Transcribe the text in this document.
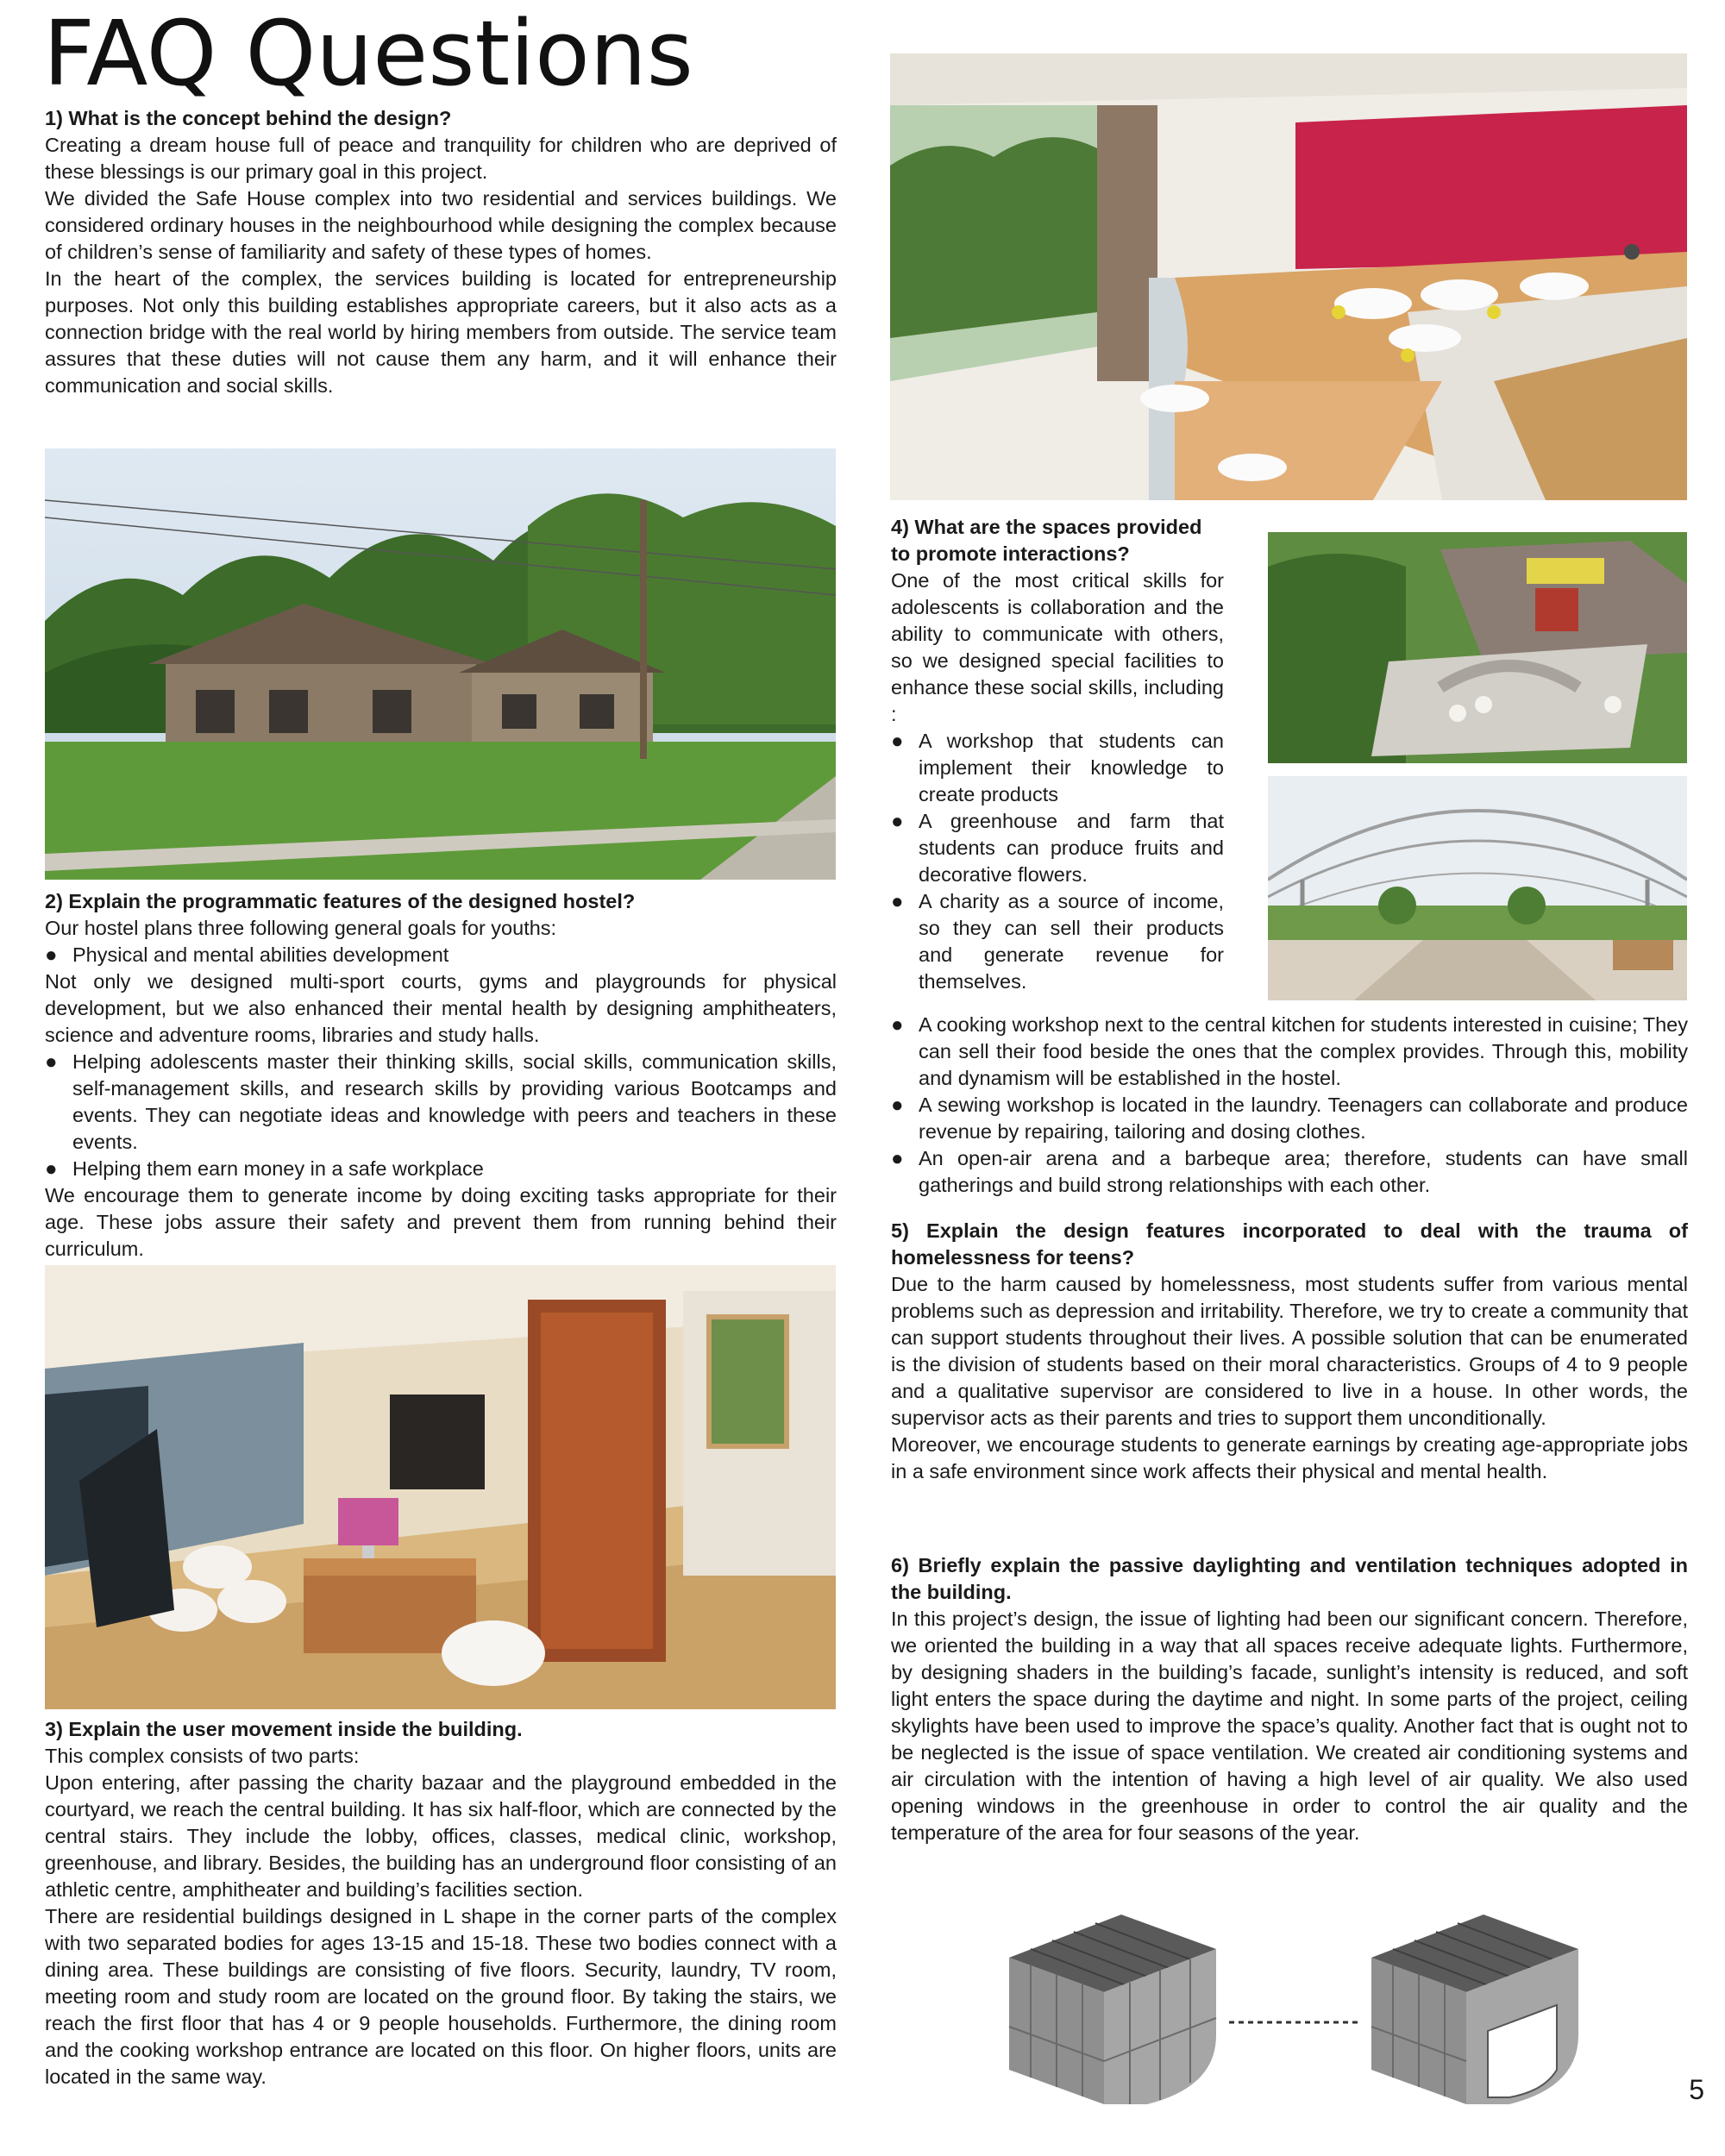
FAQ Questions

1) What is the concept behind the design?

Creating a dream house full of peace and tranquility for children who are deprived of these blessings is our primary goal in this project.

We divided the Safe House complex into two residential and services buildings. We considered ordinary houses in the neighbourhood while designing the complex because of children’s sense of familiarity and safety of these types of homes.

In the heart of the complex, the services building is located for entrepreneurship purposes. Not only this building establishes appropriate careers, but it also acts as a connection bridge with the real world by hiring members from outside. The service team assures that these duties will not cause them any harm, and it will enhance their communication and social skills.

2) Explain the programmatic features of the designed hostel?

Our hostel plans three following general goals for youths:

● Physical and mental abilities development

Not only we designed multi-sport courts, gyms and playgrounds for physical development, but we also enhanced their mental health by designing amphitheaters, science and adventure rooms, libraries and study halls.

● Helping adolescents master their thinking skills, social skills, communication skills, self-management skills, and research skills by providing various Bootcamps and events. They can negotiate ideas and knowledge with peers and teachers in these events.
● Helping them earn money in a safe workplace

We encourage them to generate income by doing exciting tasks appropriate for their age. These jobs assure their safety and prevent them from running behind their curriculum.

3) Explain the user movement inside the building.

This complex consists of two parts:

Upon entering, after passing the charity bazaar and the playground embedded in the courtyard, we reach the central building. It has six half-floor, which are connected by the central stairs. They include the lobby, offices, classes, medical clinic, workshop, greenhouse, and library. Besides, the building has an underground floor consisting of an athletic centre, amphitheater and building’s facilities section.

There are residential buildings designed in L shape in the corner parts of the complex with two separated bodies for ages 13-15 and 15-18. These two bodies connect with a dining area. These buildings are consisting of five floors. Security, laundry, TV room, meeting room and study room are located on the ground floor. By taking the stairs, we reach the first floor that has 4 or 9 people households. Furthermore, the dining room and the cooking workshop entrance are located on this floor. On higher floors, units are located in the same way.

4) What are the spaces provided to promote interactions?

One of the most critical skills for adolescents is collaboration and the ability to communicate with others, so we designed special facilities to enhance these social skills, including :

● A workshop that students can implement their knowledge to create products
● A greenhouse and farm that students can produce fruits and decorative flowers.
● A charity as a source of income, so they can sell their products and generate revenue for themselves.
● A cooking workshop next to the central kitchen for students interested in cuisine; They can sell their food beside the ones that the complex provides. Through this, mobility and dynamism will be established in the hostel.
● A sewing workshop is located in the laundry. Teenagers can collaborate and produce revenue by repairing, tailoring and dosing clothes.
● An open-air arena and a barbeque area; therefore, students can have small gatherings and build strong relationships with each other.

5) Explain the design features incorporated to deal with the trauma of homelessness for teens?

Due to the harm caused by homelessness, most students suffer from various mental problems such as depression and irritability. Therefore, we try to create a community that can support students throughout their lives. A possible solution that can be enumerated is the division of students based on their moral characteristics. Groups of 4 to 9 people and a qualitative supervisor are considered to live in a house. In other words, the supervisor acts as their parents and tries to support them unconditionally.

Moreover, we encourage students to generate earnings by creating age-appropriate jobs in a safe environment since work affects their physical and mental health.

6) Briefly explain the passive daylighting and ventilation techniques adopted in the building.

In this project’s design, the issue of lighting had been our significant concern. Therefore, we oriented the building in a way that all spaces receive adequate lights. Furthermore, by designing shaders in the building’s facade, sunlight’s intensity is reduced, and soft light enters the space during the daytime and night. In some parts of the project, ceiling skylights have been used to improve the space’s quality. Another fact that is ought not to be neglected is the issue of space ventilation. We created air conditioning systems and air circulation with the intention of having a high level of air quality. We also used opening windows in the greenhouse in order to control the air quality and the temperature of the area for four seasons of the year.

5
